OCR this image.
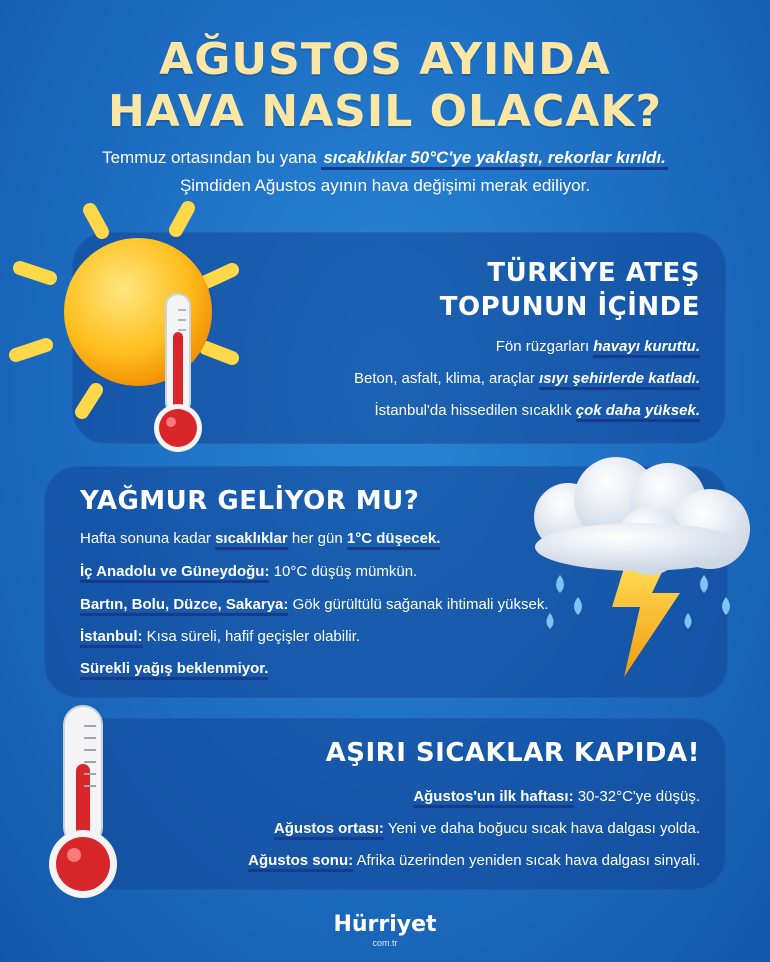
AĞUSTOS AYINDA
HAVA NASIL OLACAK?
Temmuz ortasından bu yana sıcaklıklar 50°C'ye yaklaştı, rekorlar kırıldı.
Şimdiden Ağustos ayının hava değişimi merak ediliyor.
TÜRKİYE ATEŞ
TOPUNUN İÇİNDE
Fön rüzgarları havayı kuruttu.
Beton, asfalt, klima, araçlar ısıyı şehirlerde katladı.
İstanbul'da hissedilen sıcaklık çok daha yüksek.
YAĞMUR GELİYOR MU?
Hafta sonuna kadar sıcaklıklar her gün 1°C düşecek.
İç Anadolu ve Güneydoğu: 10°C düşüş mümkün.
Bartın, Bolu, Düzce, Sakarya: Gök gürültülü sağanak ihtimali yüksek.
İstanbul: Kısa süreli, hafif geçişler olabilir.
Sürekli yağış beklenmiyor.
AŞIRI SICAKLAR KAPIDA!
Ağustos'un ilk haftası: 30-32°C'ye düşüş.
Ağustos ortası: Yeni ve daha boğucu sıcak hava dalgası yolda.
Ağustos sonu: Afrika üzerinden yeniden sıcak hava dalgası sinyali.
Hürriyet
com.tr
